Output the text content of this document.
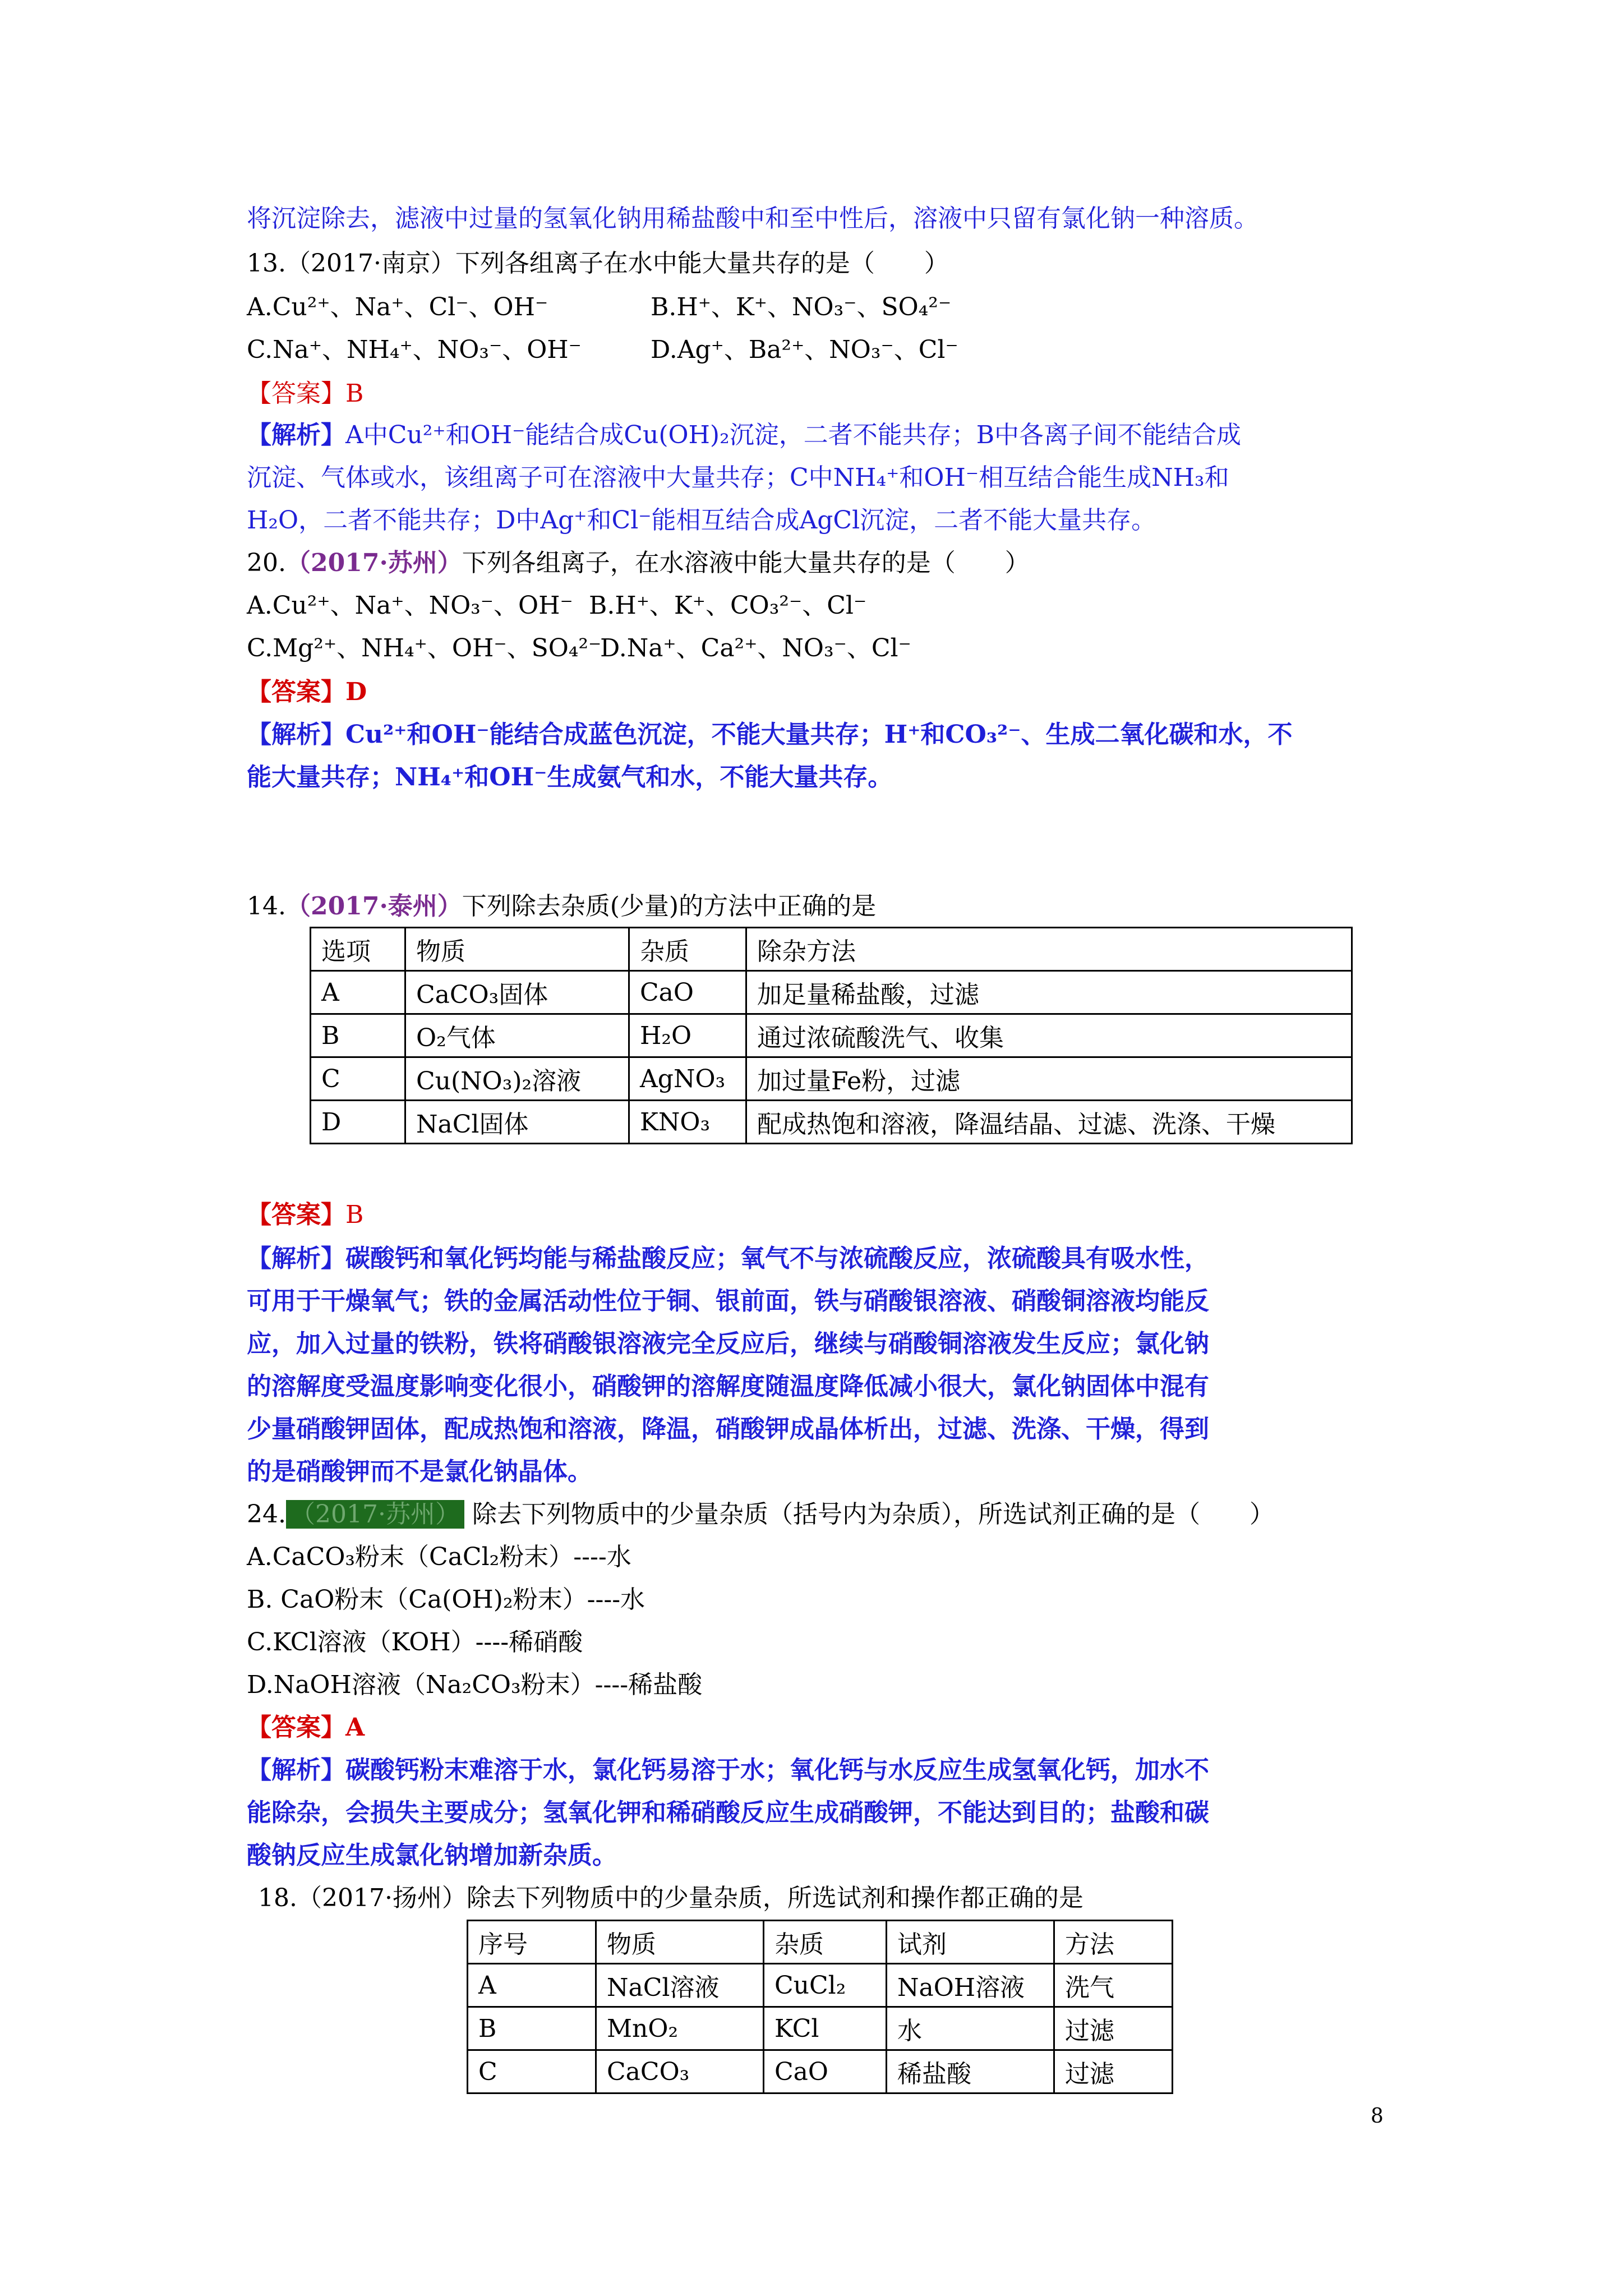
将沉淀除去，滤液中过量的氢氧化钠用稀盐酸中和至中性后，溶液中只留有氯化钠一种溶质。
13.（2017·南京）下列各组离子在水中能大量共存的是（　　）
A.Cu²⁺、Na⁺、Cl⁻、OH⁻	B.H⁺、K⁺、NO₃⁻、SO₄²⁻
C.Na⁺、NH₄⁺、NO₃⁻、OH⁻	D.Ag⁺、Ba²⁺、NO₃⁻、Cl⁻
【答案】B
【解析】A中Cu²⁺和OH⁻能结合成Cu(OH)₂沉淀，二者不能共存；B中各离子间不能结合成
沉淀、气体或水，该组离子可在溶液中大量共存；C中NH₄⁺和OH⁻相互结合能生成NH₃和
H₂O，二者不能共存；D中Ag⁺和Cl⁻能相互结合成AgCl沉淀，二者不能大量共存。
20.（2017·苏州）下列各组离子，在水溶液中能大量共存的是（　　）
A.Cu²⁺、Na⁺、NO₃⁻、OH⁻ B.H⁺、K⁺、CO₃²⁻、Cl⁻
C.Mg²⁺、NH₄⁺、OH⁻、SO₄²⁻
D.Na⁺、Ca²⁺、NO₃⁻、Cl⁻
【答案】D
【解析】Cu²⁺和OH⁻能结合成蓝色沉淀，不能大量共存；H⁺和CO₃²⁻、生成二氧化碳和水，不
能大量共存；NH₄⁺和OH⁻生成氨气和水，不能大量共存。
14.（2017·泰州）下列除去杂质(少量)的方法中正确的是
选项	物质	杂质	除杂方法
A	CaCO₃固体	CaO	加足量稀盐酸，过滤
B	O₂气体	H₂O	通过浓硫酸洗气、收集
C	Cu(NO₃)₂溶液	AgNO₃	加过量Fe粉，过滤
D	NaCl固体	KNO₃	配成热饱和溶液，降温结晶、过滤、洗涤、干燥
【答案】B
【解析】碳酸钙和氧化钙均能与稀盐酸反应；氧气不与浓硫酸反应，浓硫酸具有吸水性，
可用于干燥氧气；铁的金属活动性位于铜、银前面，铁与硝酸银溶液、硝酸铜溶液均能反
应，加入过量的铁粉，铁将硝酸银溶液完全反应后，继续与硝酸铜溶液发生反应；氯化钠
的溶解度受温度影响变化很小，硝酸钾的溶解度随温度降低减小很大，氯化钠固体中混有
少量硝酸钾固体，配成热饱和溶液，降温，硝酸钾成晶体析出，过滤、洗涤、干燥，得到
的是硝酸钾而不是氯化钠晶体。
24. （2017·苏州） 除去下列物质中的少量杂质（括号内为杂质），所选试剂正确的是（　　）
A.CaCO₃粉末（CaCl₂粉末）----水
B. CaO粉末（Ca(OH)₂粉末）----水
C.KCl溶液（KOH）----稀硝酸
D.NaOH溶液（Na₂CO₃粉末）----稀盐酸
【答案】A
【解析】碳酸钙粉末难溶于水，氯化钙易溶于水；氧化钙与水反应生成氢氧化钙，加水不
能除杂，会损失主要成分；氢氧化钾和稀硝酸反应生成硝酸钾，不能达到目的；盐酸和碳
酸钠反应生成氯化钠增加新杂质。
18.（2017·扬州）除去下列物质中的少量杂质，所选试剂和操作都正确的是
序号	物质	杂质	试剂	方法
A	NaCl溶液	CuCl₂	NaOH溶液	洗气
B	MnO₂	KCl	水	过滤
C	CaCO₃	CaO	稀盐酸	过滤
8
